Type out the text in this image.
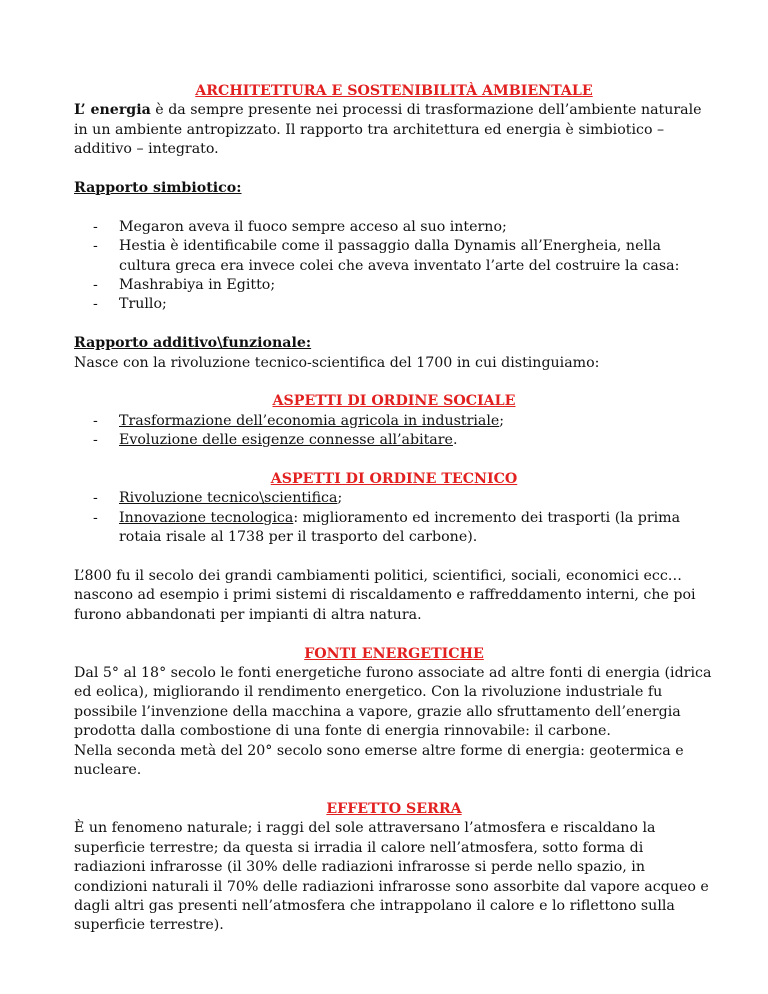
ARCHITETTURA E SOSTENIBILITÀ AMBIENTALE

L’ energia è da sempre presente nei processi di trasformazione dell’ambiente naturale in un ambiente antropizzato. Il rapporto tra architettura ed energia è simbiotico – additivo – integrato.

Rapporto simbiotico:

- Megaron aveva il fuoco sempre acceso al suo interno;
- Hestia è identificabile come il passaggio dalla Dynamis all’Energheia, nella cultura greca era invece colei che aveva inventato l’arte del costruire la casa:
- Mashrabiya in Egitto;
- Trullo;

Rapporto additivo\funzionale:

Nasce con la rivoluzione tecnico-scientifica del 1700 in cui distinguiamo:

ASPETTI DI ORDINE SOCIALE

- Trasformazione dell’economia agricola in industriale;
- Evoluzione delle esigenze connesse all’abitare.

ASPETTI DI ORDINE TECNICO

- Rivoluzione tecnico\scientifica;
- Innovazione tecnologica: miglioramento ed incremento dei trasporti (la prima rotaia risale al 1738 per il trasporto del carbone).

L’800 fu il secolo dei grandi cambiamenti politici, scientifici, sociali, economici ecc… nascono ad esempio i primi sistemi di riscaldamento e raffreddamento interni, che poi furono abbandonati per impianti di altra natura.

FONTI ENERGETICHE

Dal 5° al 18° secolo le fonti energetiche furono associate ad altre fonti di energia (idrica ed eolica), migliorando il rendimento energetico. Con la rivoluzione industriale fu possibile l’invenzione della macchina a vapore, grazie allo sfruttamento dell’energia prodotta dalla combostione di una fonte di energia rinnovabile: il carbone.

Nella seconda metà del 20° secolo sono emerse altre forme di energia: geotermica e nucleare.

EFFETTO SERRA

È un fenomeno naturale; i raggi del sole attraversano l’atmosfera e riscaldano la superficie terrestre; da questa si irradia il calore nell’atmosfera, sotto forma di radiazioni infrarosse (il 30% delle radiazioni infrarosse si perde nello spazio, in condizioni naturali il 70% delle radiazioni infrarosse sono assorbite dal vapore acqueo e dagli altri gas presenti nell’atmosfera che intrappolano il calore e lo riflettono sulla superficie terrestre).
